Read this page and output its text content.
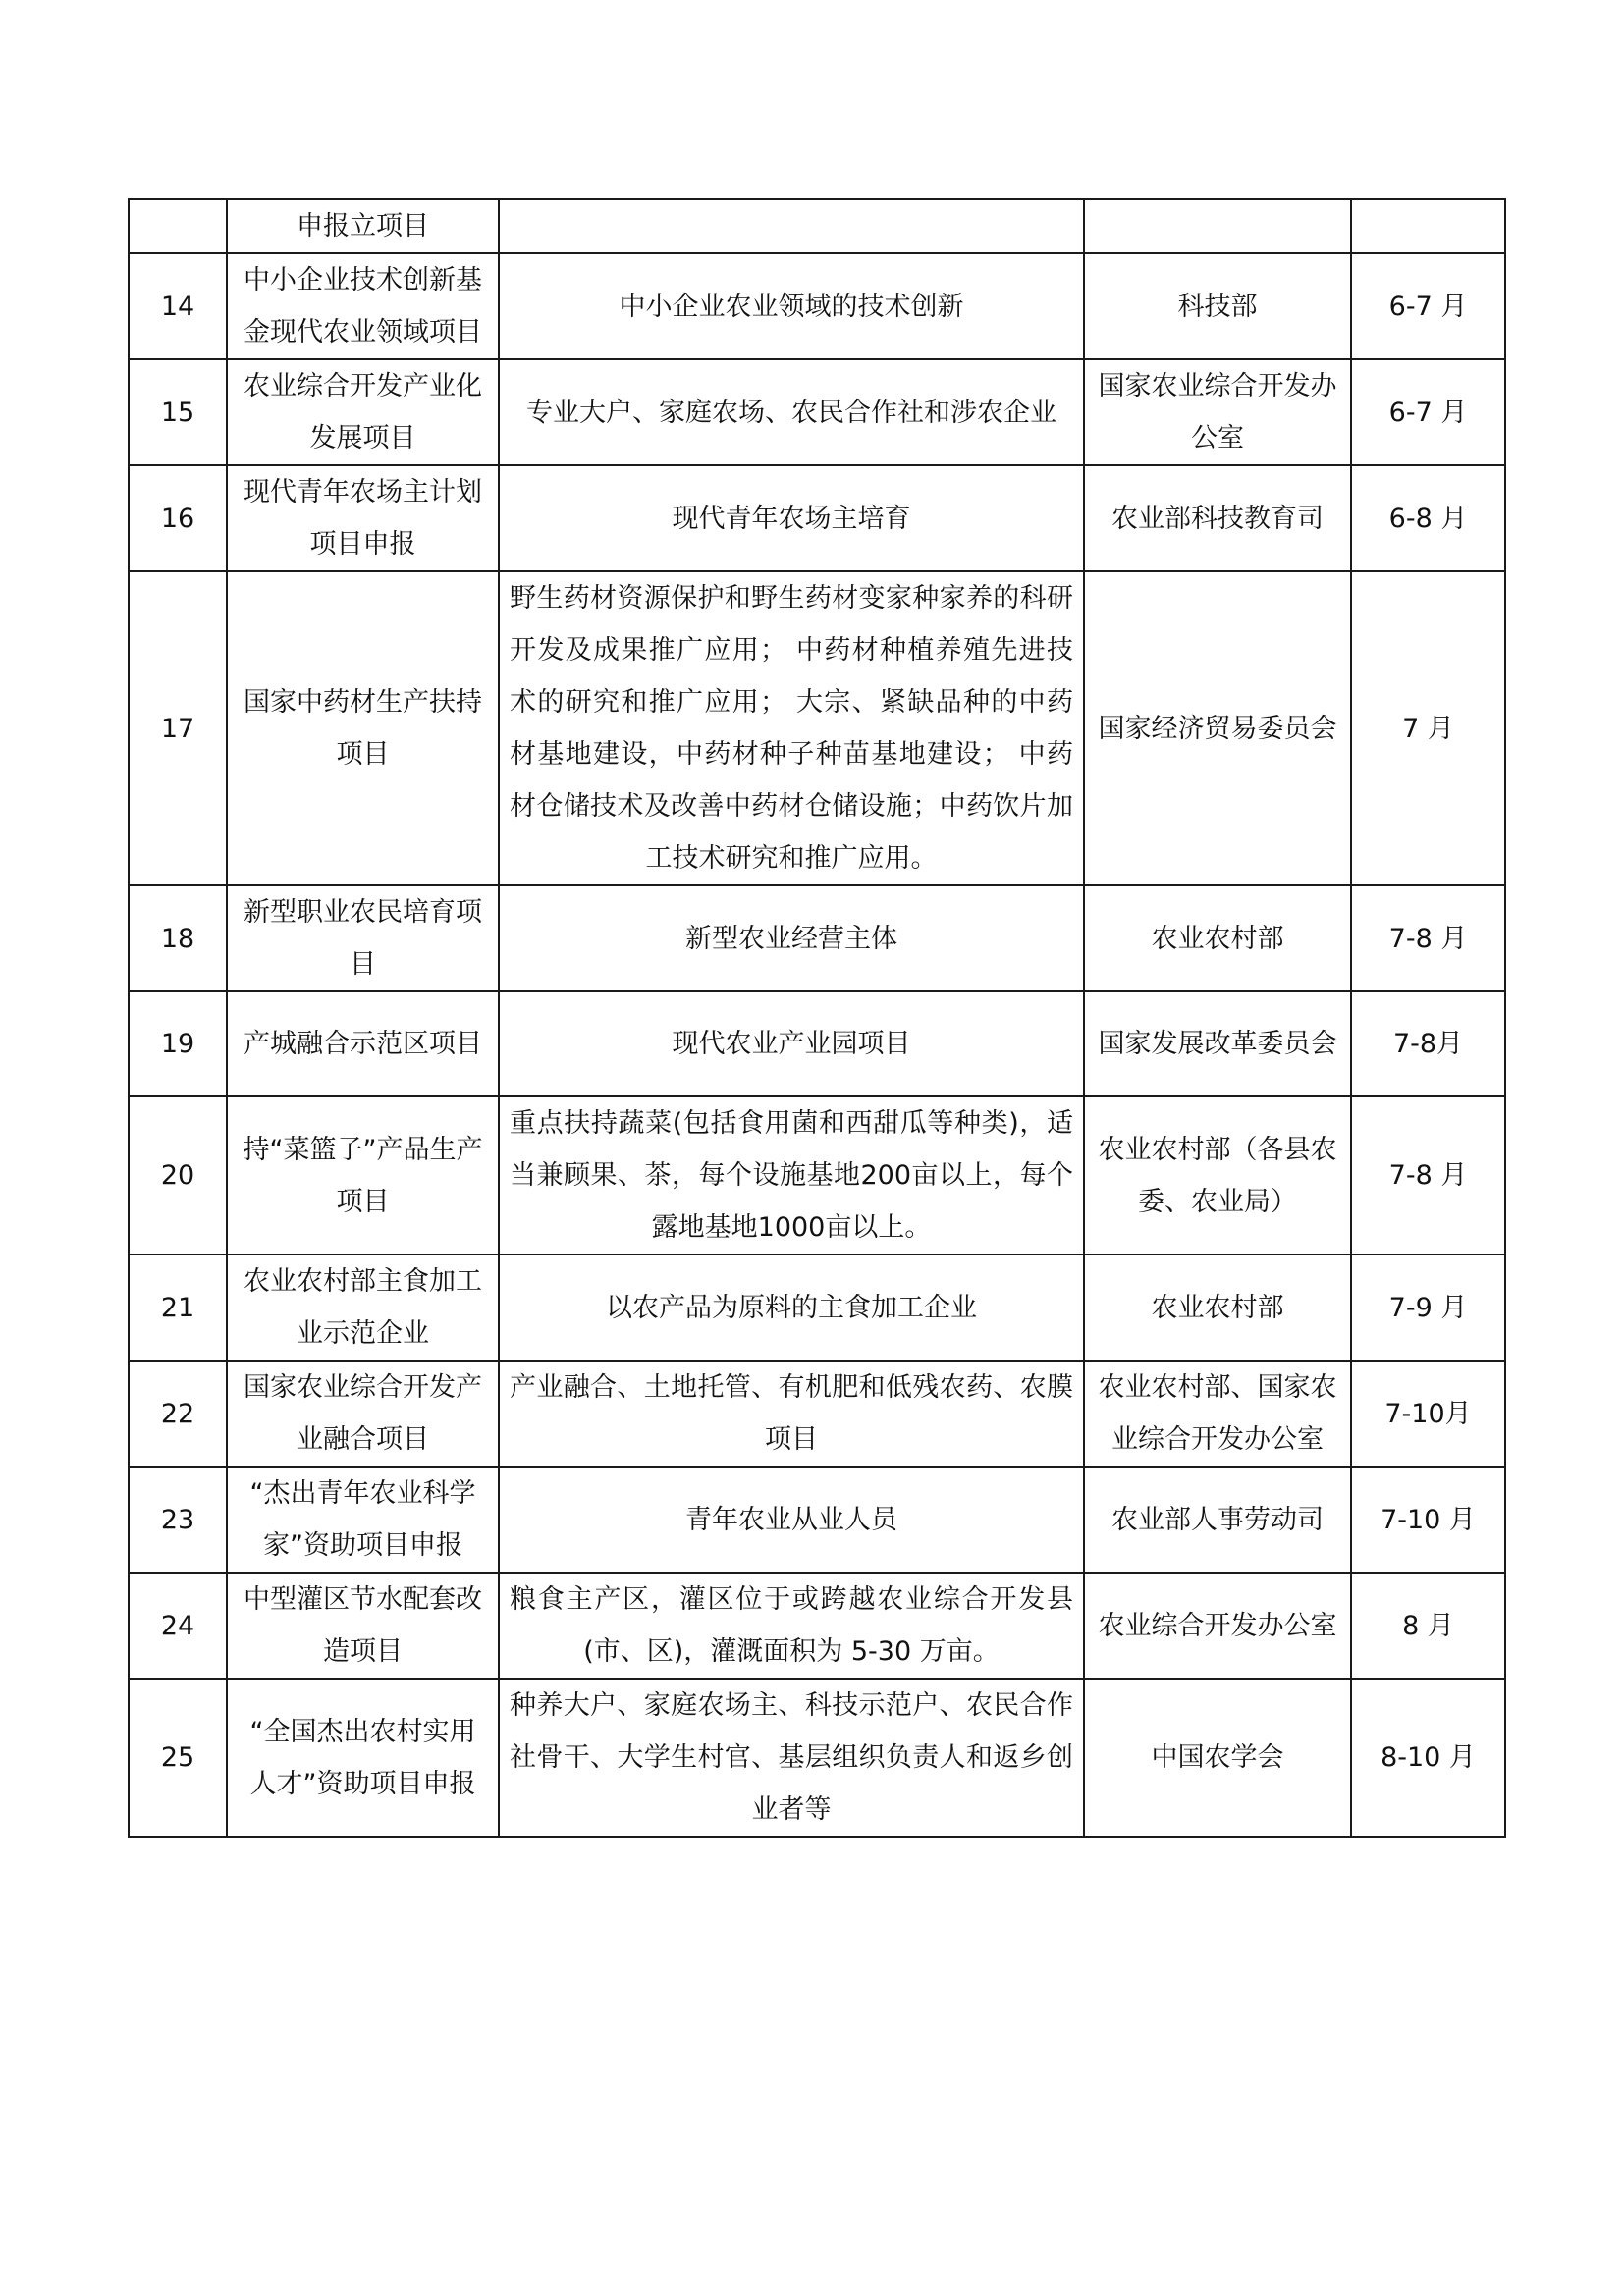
	申报立项目			

14	中小企业技术创新基金现代农业领域项目	中小企业农业领域的技术创新	科技部	6-7 月

15	农业综合开发产业化发展项目	专业大户、家庭农场、农民合作社和涉农企业	国家农业综合开发办公室	6-7 月

16	现代青年农场主计划项目申报	现代青年农场主培育	农业部科技教育司	6-8 月

17	国家中药材生产扶持项目	野生药材资源保护和野生药材变家种家养的科研开发及成果推广应用； 中药材种植养殖先进技术的研究和推广应用； 大宗、紧缺品种的中药材基地建设，中药材种子种苗基地建设； 中药材仓储技术及改善中药材仓储设施；中药饮片加工技术研究和推广应用。	国家经济贸易委员会	7 月

18	新型职业农民培育项目	新型农业经营主体	农业农村部	7-8 月

19	产城融合示范区项目	现代农业产业园项目	国家发展改革委员会	7-8月

20	持“菜篮子”产品生产项目	重点扶持蔬菜(包括食用菌和西甜瓜等种类)，适当兼顾果、茶，每个设施基地200亩以上，每个露地基地1000亩以上。	农业农村部（各县农委、农业局）	7-8 月

21	农业农村部主食加工业示范企业	以农产品为原料的主食加工企业	农业农村部	7-9 月

22	国家农业综合开发产业融合项目	产业融合、土地托管、有机肥和低残农药、农膜项目	农业农村部、国家农业综合开发办公室	7-10月

23	“杰出青年农业科学家”资助项目申报	青年农业从业人员	农业部人事劳动司	7-10 月

24	中型灌区节水配套改造项目	粮食主产区，灌区位于或跨越农业综合开发县(市、区)，灌溉面积为 5-30 万亩。	农业综合开发办公室	8 月

25	“全国杰出农村实用人才”资助项目申报	种养大户、家庭农场主、科技示范户、农民合作社骨干、大学生村官、基层组织负责人和返乡创业者等	中国农学会	8-10 月
